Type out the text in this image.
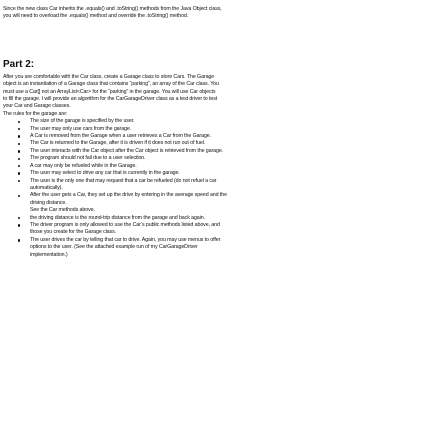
Since the new class Car inherits the .equals() and .toString() methods from the Java Object class,

you will need to overload the .equals() method and override the .toString() method.

Part 2:

After you are comfortable with the Car class, create a Garage class to store Cars. The Garage

object is an instantiation of a Garage class that contains “parking”, an array of the Car class. You

must use a Car[] not an ArrayList<Car> for the “parking” in the garage. You will use Car objects

to fill the garage. I will provide an algorithm for the CarGarageDriver class as a test driver to test

your Car and Garage classes.

The rules for the garage are:

The size of the garage is specified by the user.
The user may only use cars from the garage.
A Car is removed from the Garage when a user retrieves a Car from the Garage.
The Car is returned to the Garage, after it is driven if it does not run out of fuel.
The user interacts with the Car object after the Car object is retrieved from the garage.
The program should not fail due to a user selection.
A car may only be refueled while in the Garage.
The user may select to drive any car that is currently in the garage.
The user is the only one that may request that a car be refueled (do not refuel a car
automatically).
After the user gets a Car, they set up the drive by entering in the average speed and the
driving distance.
See the Car methods above.
the driving distance is the round-trip distance from the garage and back again.
The driver program is only allowed to use the Car’s public methods listed above, and
those you create for the Garage class.
The user drives the car by telling that car to drive. Again, you may use menus to offer
options to the user. (See the attached example run of my CarGarageDriver
implementation.)
